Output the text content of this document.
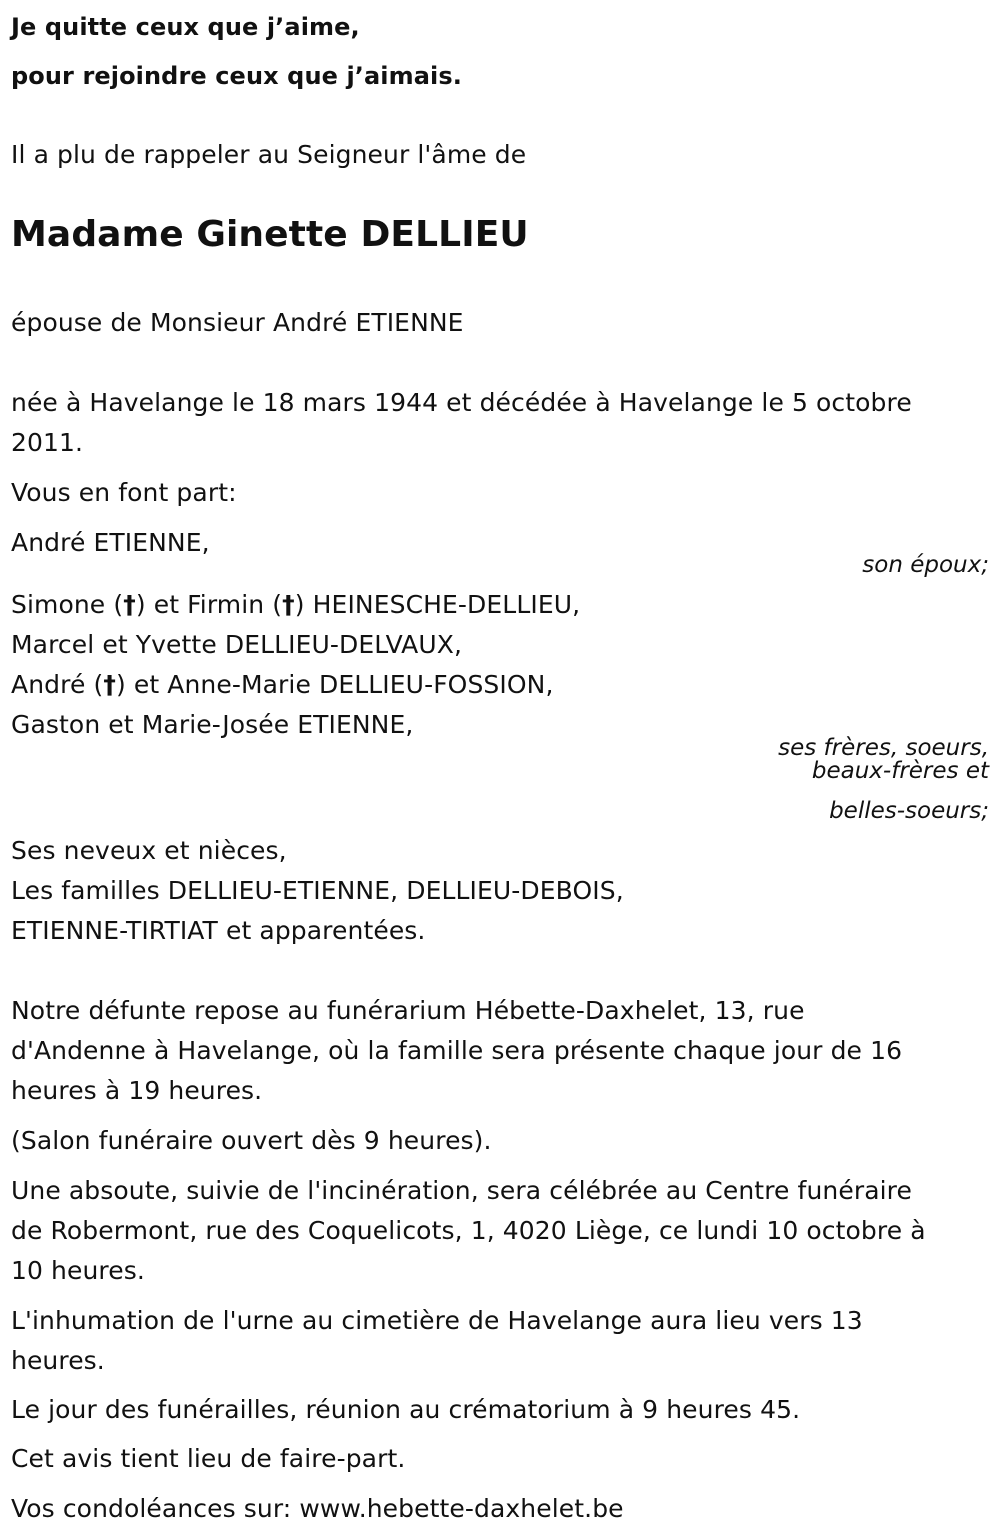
Je quitte ceux que j’aime,
pour rejoindre ceux que j’aimais.
Il a plu de rappeler au Seigneur l'âme de
Madame Ginette DELLIEU
épouse de Monsieur André ETIENNE
née à Havelange le 18 mars 1944 et décédée à Havelange le 5 octobre
2011.
Vous en font part:
André ETIENNE,
son époux;
Simone (†) et Firmin (†) HEINESCHE-DELLIEU,
Marcel et Yvette DELLIEU-DELVAUX,
André (†) et Anne-Marie DELLIEU-FOSSION,
Gaston et Marie-Josée ETIENNE,
ses frères, soeurs,
beaux-frères et
belles-soeurs;
Ses neveux et nièces,
Les familles DELLIEU-ETIENNE, DELLIEU-DEBOIS,
ETIENNE-TIRTIAT et apparentées.
Notre défunte repose au funérarium Hébette-Daxhelet, 13, rue
d'Andenne à Havelange, où la famille sera présente chaque jour de 16
heures à 19 heures.
(Salon funéraire ouvert dès 9 heures).
Une absoute, suivie de l'incinération, sera célébrée au Centre funéraire
de Robermont, rue des Coquelicots, 1, 4020 Liège, ce lundi 10 octobre à
10 heures.
L'inhumation de l'urne au cimetière de Havelange aura lieu vers 13
heures.
Le jour des funérailles, réunion au crématorium à 9 heures 45.
Cet avis tient lieu de faire-part.
Vos condoléances sur: www.hebette-daxhelet.be
